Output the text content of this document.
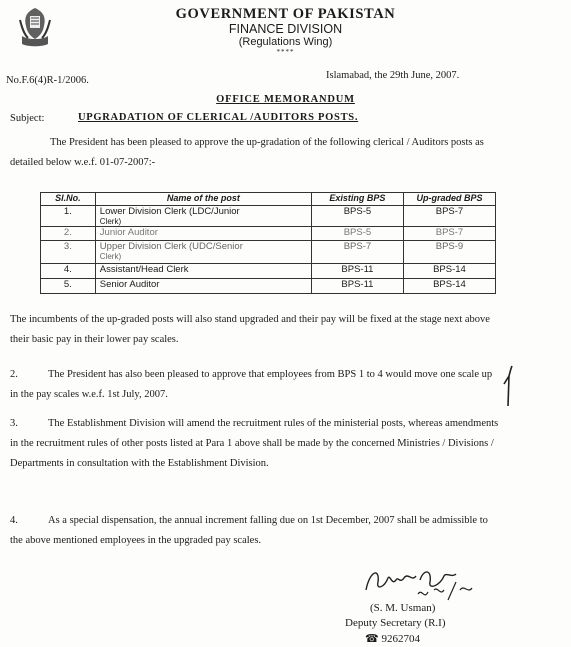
GOVERNMENT OF PAKISTAN
FINANCE DIVISION
(Regulations Wing)
****
No.F.6(4)R-1/2006.	Islamabad, the 29th June, 2007.
OFFICE MEMORANDUM
Subject:	UPGRADATION OF CLERICAL /AUDITORS POSTS.
The President has been pleased to approve the up-gradation of the following clerical / Auditors posts as detailed below w.e.f. 01-07-2007:-
Sl.No.	Name of the post	Existing BPS	Up-graded BPS
1.	Lower Division Clerk (LDC/Junior
Clerk)	BPS-5	BPS-7
2.	Junior Auditor	BPS-5	BPS-7
3.	Upper Division Clerk (UDC/Senior
Clerk)	BPS-7	BPS-9
4.	Assistant/Head Clerk	BPS-11	BPS-14
5.	Senior Auditor	BPS-11	BPS-14
The incumbents of the up-graded posts will also stand upgraded and their pay will be fixed at the stage next above their basic pay in their lower pay scales.
2.	The President has also been pleased to approve that employees from BPS 1 to 4 would move one scale up in the pay scales w.e.f. 1st July, 2007.
3.	The Establishment Division will amend the recruitment rules of the ministerial posts, whereas amendments in the recruitment rules of other posts listed at Para 1 above shall be made by the concerned Ministries / Divisions / Departments in consultation with the Establishment Division.
4.	As a special dispensation, the annual increment falling due on 1st December, 2007 shall be admissible to the above mentioned employees in the upgraded pay scales.
(S. M. Usman)
Deputy Secretary (R.I)
☎ 9262704
